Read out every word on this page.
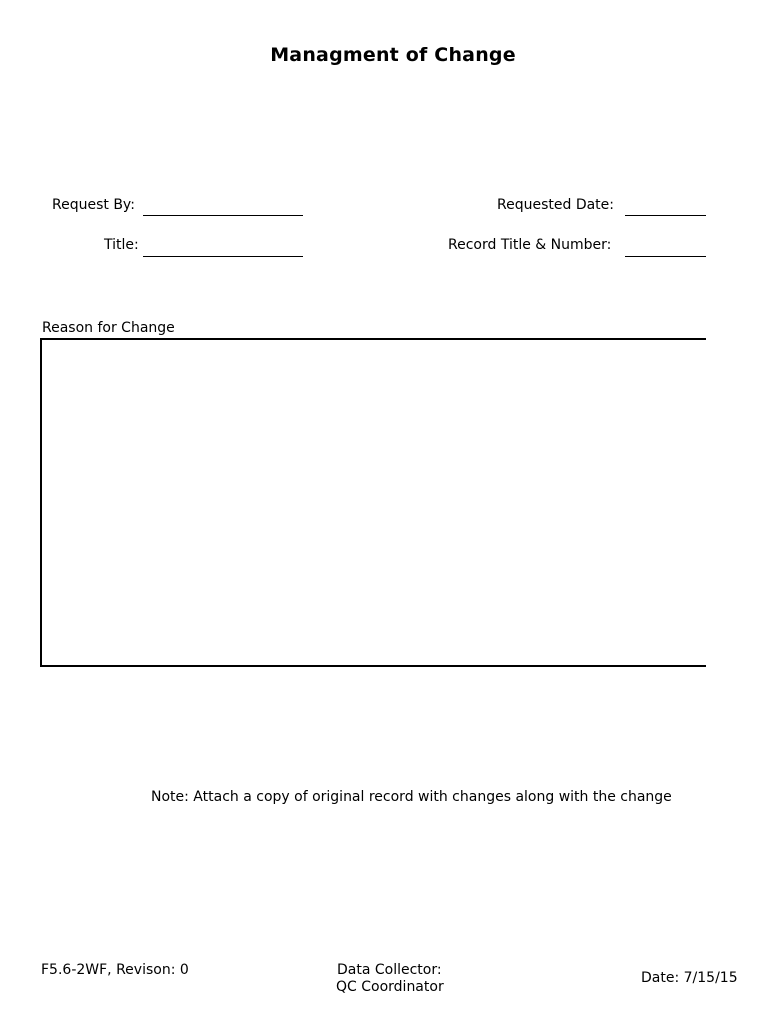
Managment of Change
Request By:
Title:
Requested Date:
Record Title & Number:
Reason for Change
Note: Attach a copy of original record with changes along with the change
F5.6-2WF, Revison: 0	Data Collector:
QC Coordinator
Date: 7/15/15
